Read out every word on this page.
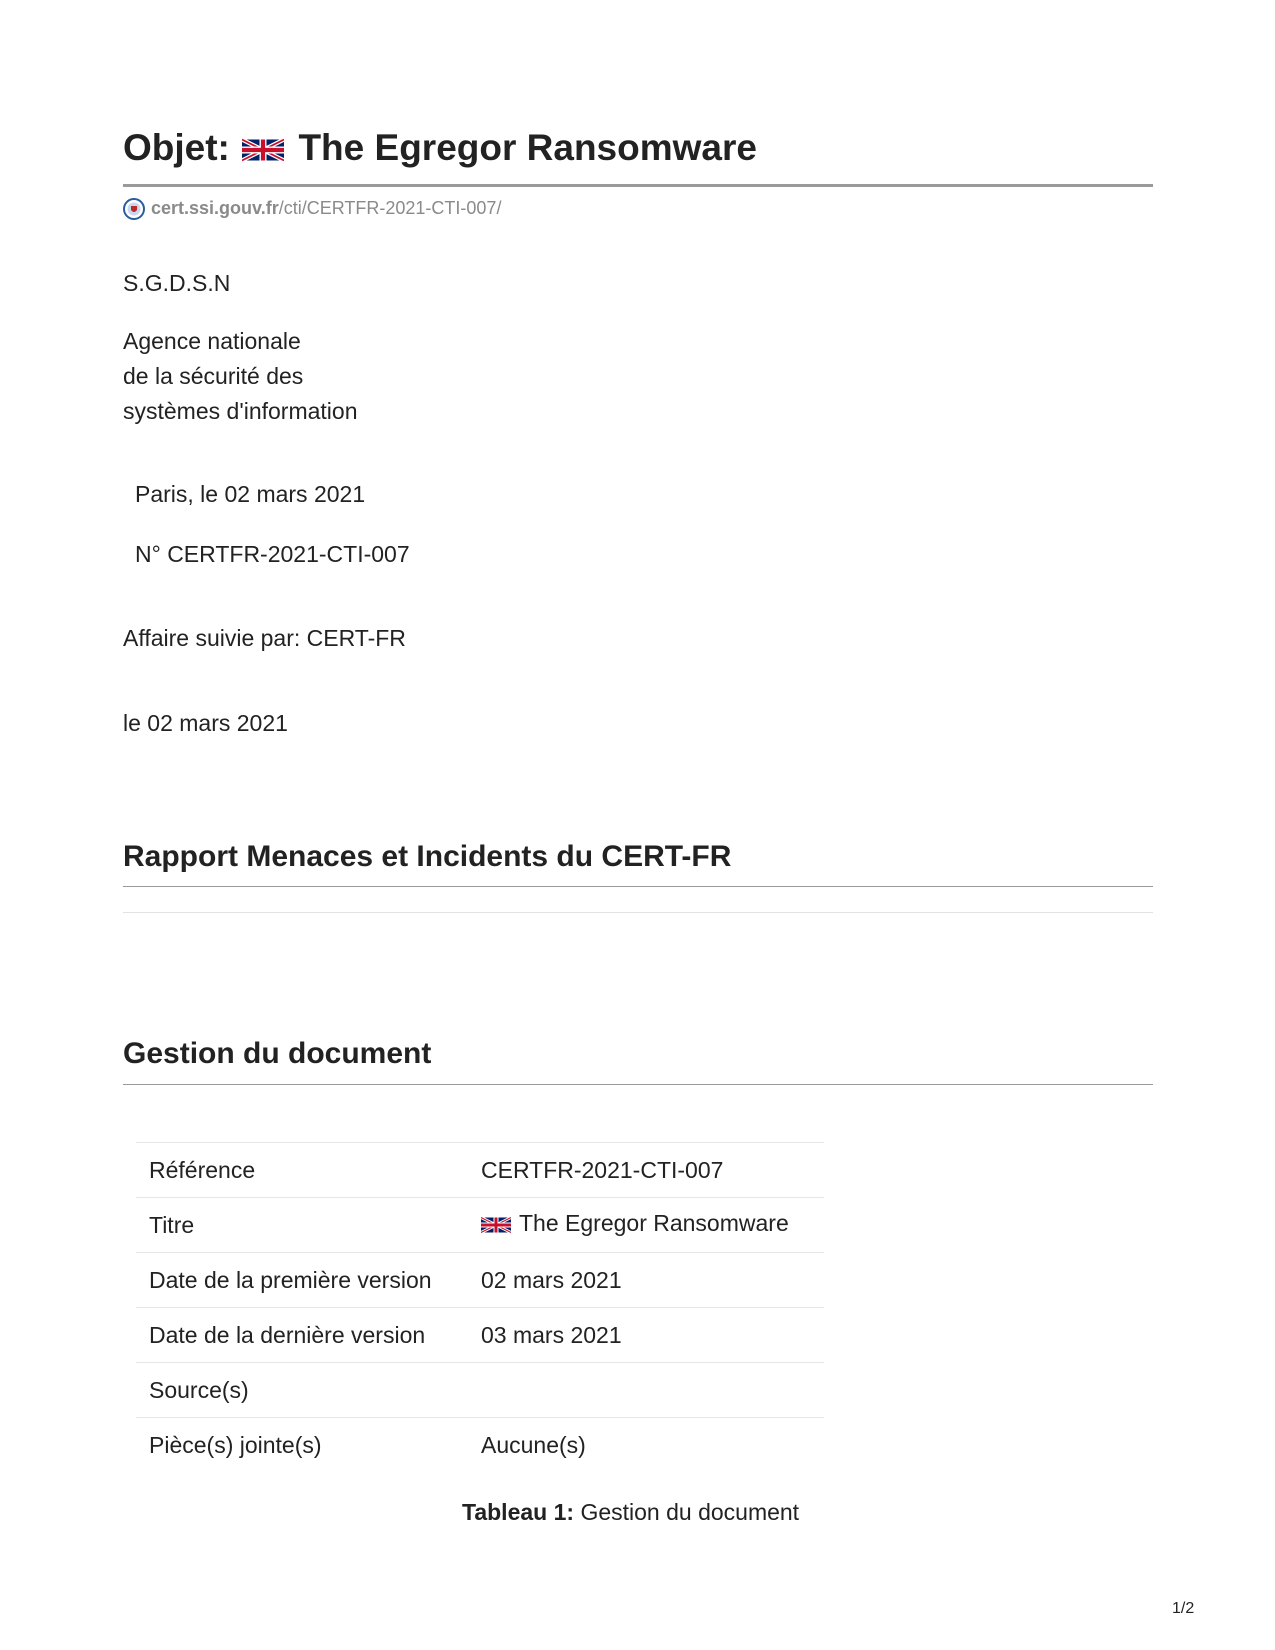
Objet: The Egregor Ransomware
cert.ssi.gouv.fr/cti/CERTFR-2021-CTI-007/
S.G.D.S.N
Agence nationale
de la sécurité des
systèmes d'information
Paris, le 02 mars 2021
N° CERTFR-2021-CTI-007
Affaire suivie par: CERT-FR
le 02 mars 2021
Rapport Menaces et Incidents du CERT-FR
Gestion du document
Référence	CERTFR-2021-CTI-007
Titre	The Egregor Ransomware
Date de la première version	02 mars 2021
Date de la dernière version	03 mars 2021
Source(s)	
Pièce(s) jointe(s)	Aucune(s)
Tableau 1: Gestion du document
1/2
